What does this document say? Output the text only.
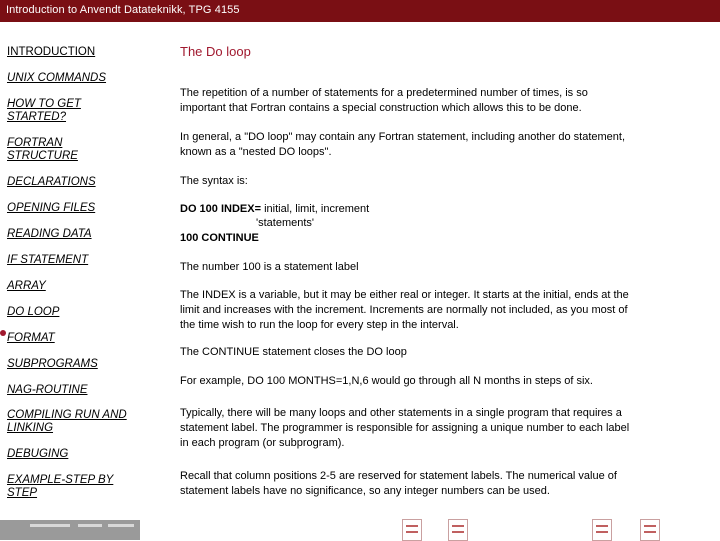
Introduction to Anvendt Datateknikk, TPG 4155
INTRODUCTION
UNIX COMMANDS
HOW TO GET STARTED?
FORTRAN STRUCTURE
DECLARATIONS
OPENING FILES
READING DATA
IF STATEMENT
ARRAY
DO LOOP
FORMAT
SUBPROGRAMS
NAG-ROUTINE
COMPILING RUN AND LINKING
DEBUGING
EXAMPLE-STEP BY STEP
The Do loop
The repetition of a number of statements for a predetermined number of times, is so important that Fortran contains a special construction which allows this to be done.
In general, a "DO loop" may contain any Fortran statement, including another do statement, known as a "nested DO loops".
The syntax is:
DO 100 INDEX= initial, limit, increment
'statements'
100 CONTINUE
The number 100 is a statement label
The INDEX is a variable, but it may be either real or integer. It starts at the initial, ends at the limit and increases with the increment. Increments are normally not included, as you most of the time wish to run the loop for every step in the interval.
The CONTINUE statement closes the DO loop
For example, DO 100 MONTHS=1,N,6 would go through all N months in steps of six.
Typically, there will be many loops and other statements in a single program that requires a statement label. The programmer is responsible for assigning a unique number to each label in each program (or subprogram).
Recall that column positions 2-5 are reserved for statement labels. The numerical value of statement labels have no significance, so any integer numbers can be used.
